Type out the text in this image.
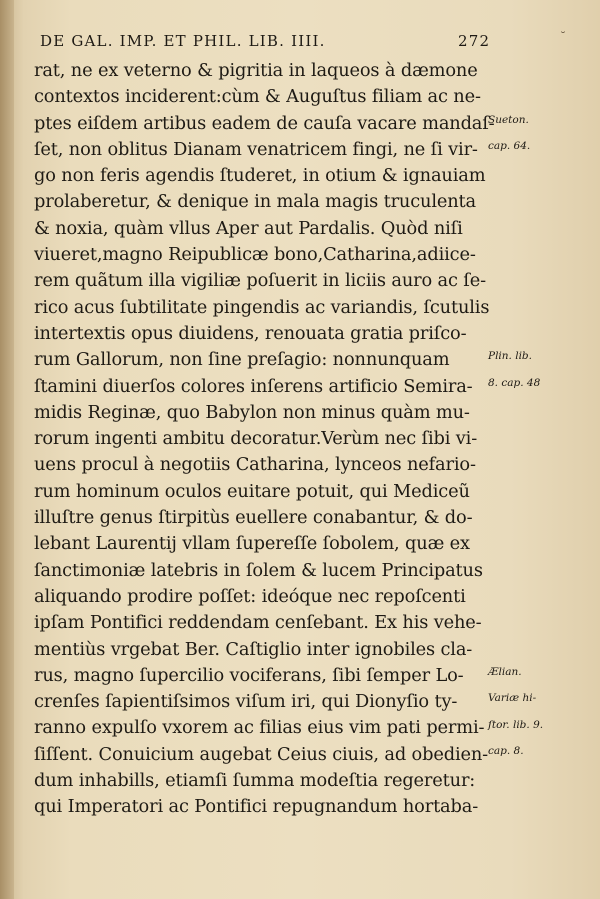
DE GAL. IMP. ET PHIL. LIB. IIII.	272	˘
rat, ne ex veterno & pigritia in laqueos à dæmone
contextos inciderent:cùm & Auguſtus filiam ac ne-
ptes eiſdem artibus eadem de cauſa vacare mandaſ-
ſet, non oblitus Dianam venatricem fingi, ne ſi vir-
go non feris agendis ſtuderet, in otium & ignauiam
prolaberetur, & denique in mala magis truculenta
& noxia, quàm vllus Aper aut Pardalis. Quòd niſi
viueret,magno Reipublicæ bono,Catharina,adiice-
rem quãtum illa vigiliæ poſuerit in liciis auro ac ſe-
rico acus ſubtilitate pingendis ac variandis, ſcutulis
intertextis opus diuidens, renouata gratia priſco-
rum Gallorum, non ſine preſagio: nonnunquam
ſtamini diuerſos colores inſerens artificio Semira-
midis Reginæ, quo Babylon non minus quàm mu-
rorum ingenti ambitu decoratur.Verùm nec ſibi vi-
uens procul à negotiis Catharina, lynceos nefario-
rum hominum oculos euitare potuit, qui Mediceũ
illuſtre genus ſtirpitùs euellere conabantur, & do-
lebant Laurentij vllam ſupereſſe ſobolem, quæ ex
ſanctimoniæ latebris in ſolem & lucem Principatus
aliquando prodire poſſet: ideóque nec repoſcenti
ipſam Pontifici reddendam cenſebant. Ex his vehe-
mentiùs vrgebat Ber. Caſtiglio inter ignobiles cla-
rus, magno ſupercilio vociferans, ſibi ſemper Lo-
crenſes ſapientiſsimos viſum iri, qui Dionyſio ty-
ranno expulſo vxorem ac filias eius vim pati permi-
ſiſſent. Conuicium augebat Ceius ciuis, ad obedien-
dum inhabills, etiamſi ſumma modeſtia regeretur:
qui Imperatori ac Pontifici repugnandum hortaba-
Sueton.
cap. 64.
Plin. lib.
8. cap. 48
Ælian.
Variæ hi-
ſtor. lib. 9.
cap. 8.
